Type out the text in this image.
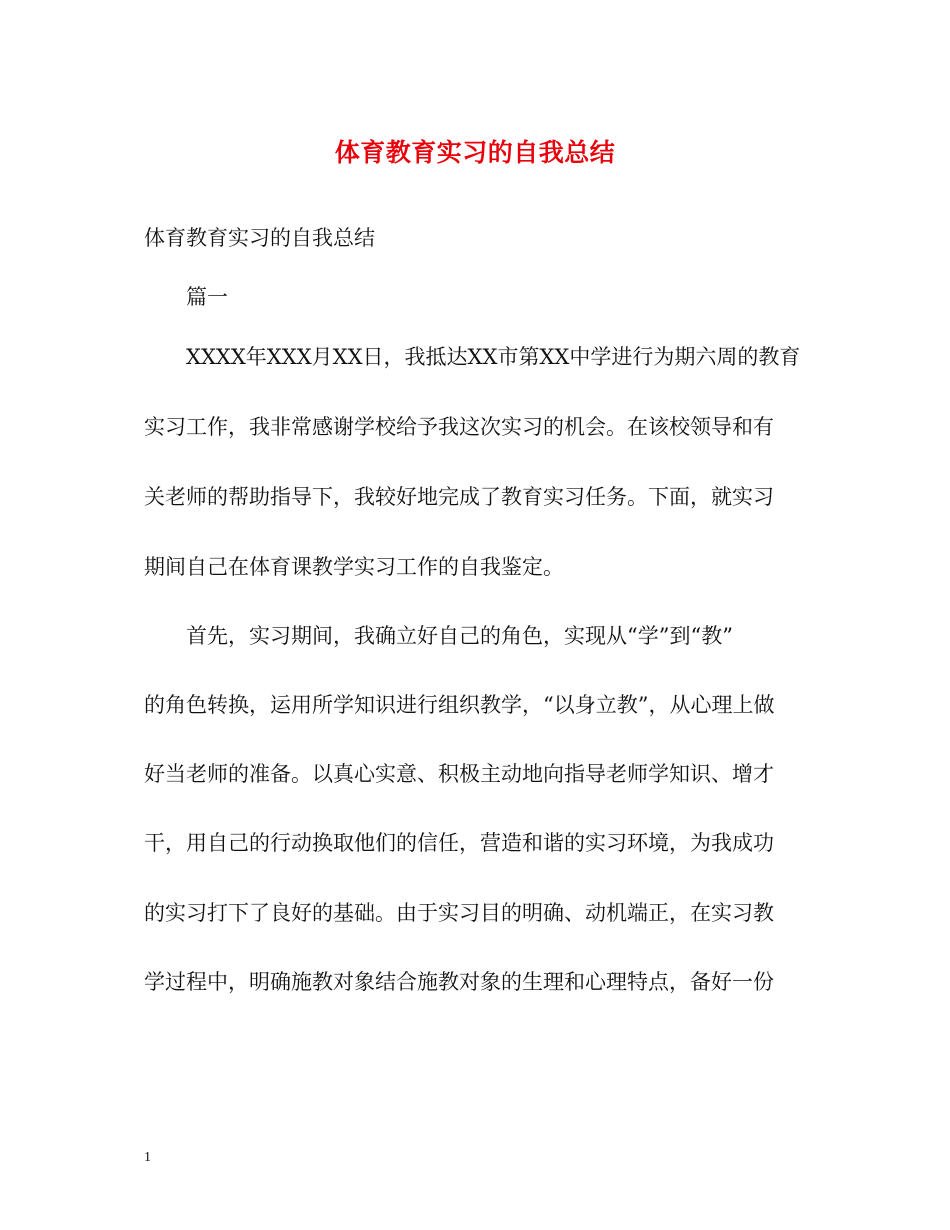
体育教育实习的自我总结
体育教育实习的自我总结
篇一
XXXX年XXX月XX日，我抵达XX市第XX中学进行为期六周的教育
实习工作，我非常感谢学校给予我这次实习的机会。在该校领导和有
关老师的帮助指导下，我较好地完成了教育实习任务。下面，就实习
期间自己在体育课教学实习工作的自我鉴定。
首先，实习期间，我确立好自己的角色，实现从“学”到“教”
的角色转换，运用所学知识进行组织教学，“以身立教”，从心理上做
好当老师的准备。以真心实意、积极主动地向指导老师学知识、增才
干，用自己的行动换取他们的信任，营造和谐的实习环境，为我成功
的实习打下了良好的基础。由于实习目的明确、动机端正，在实习教
学过程中，明确施教对象结合施教对象的生理和心理特点，备好一份
1
